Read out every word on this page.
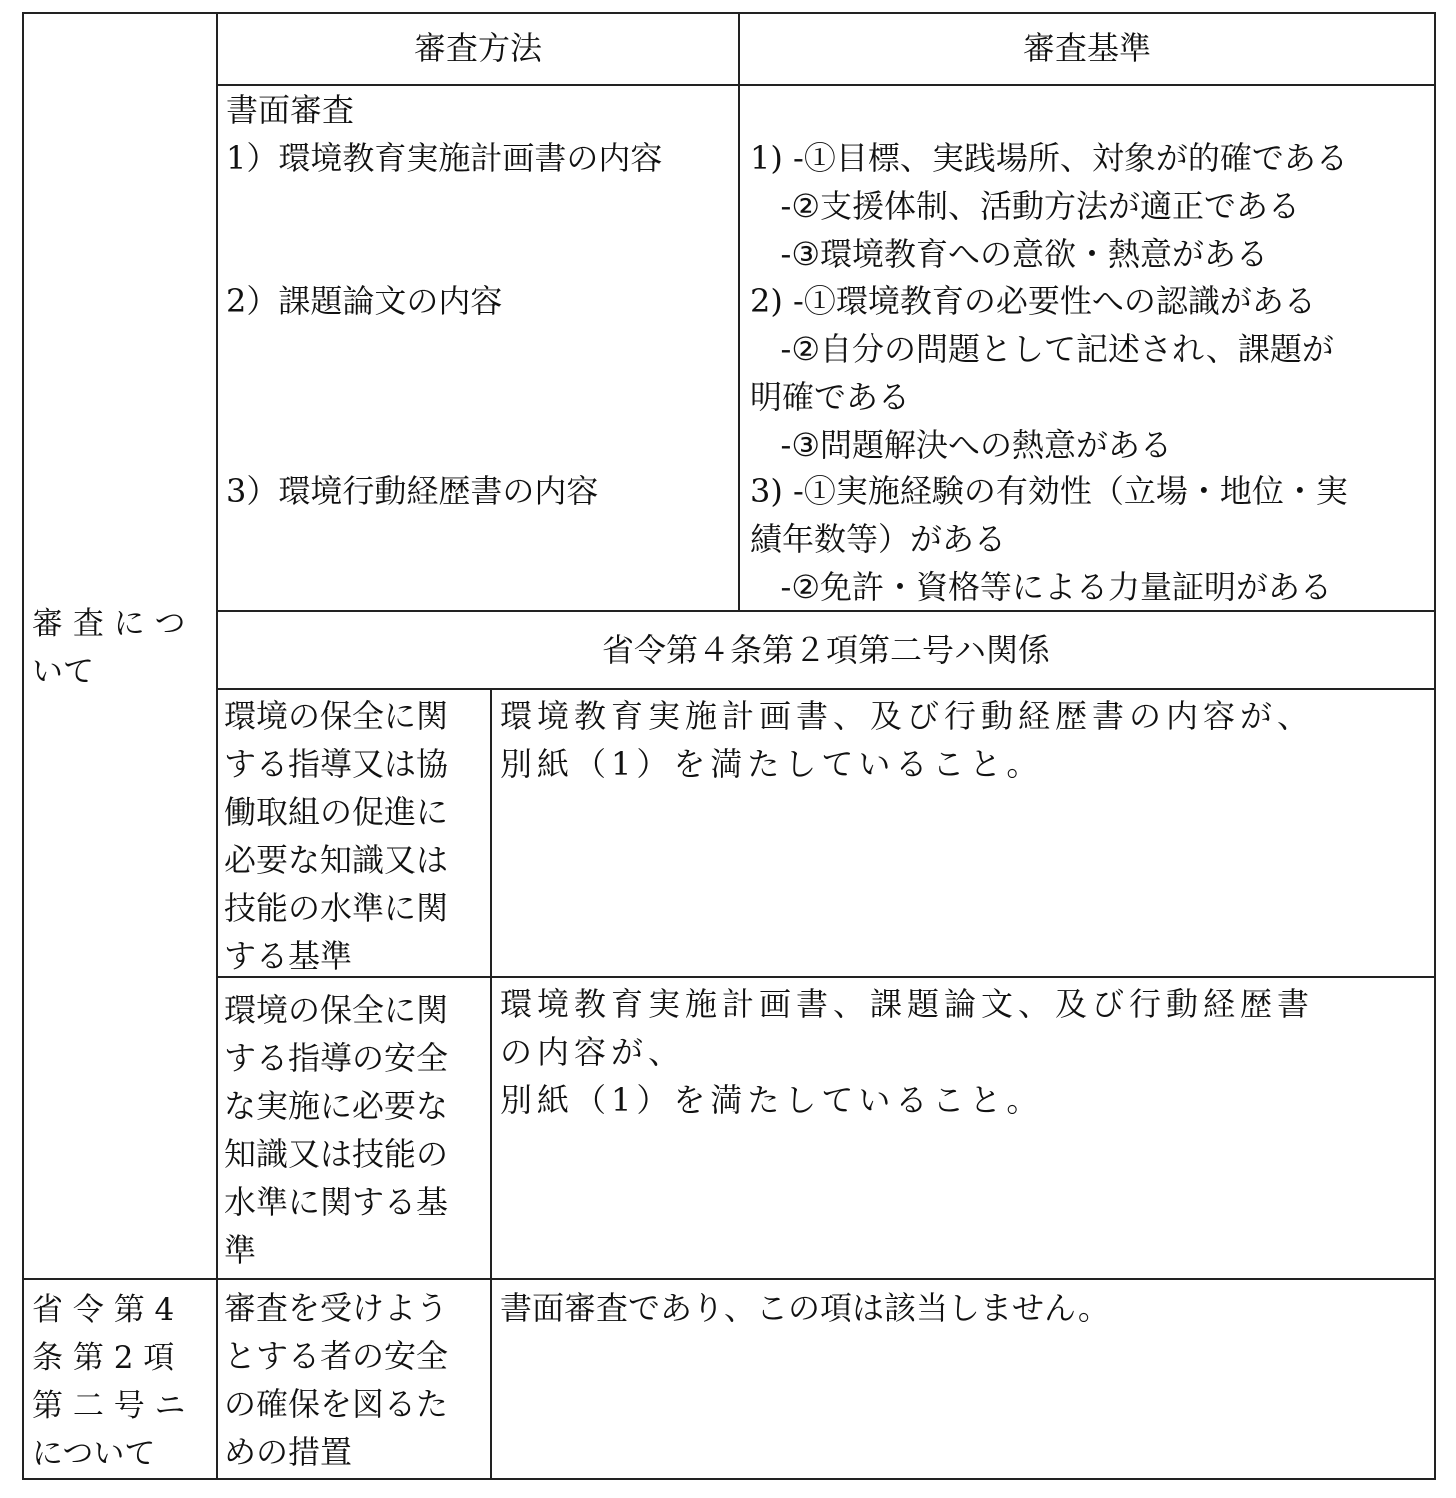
審 査 に つ
いて
省 令 第 4
条 第 2 項
第 二 号 ニ
について
審査方法	審査基準
書面審査
1）環境教育実施計画書の内容
2）課題論文の内容
3）環境行動経歴書の内容
1) -①目標、実践場所、対象が的確である
-②支援体制、活動方法が適正である
-③環境教育への意欲・熱意がある
2) -①環境教育の必要性への認識がある
-②自分の問題として記述され、課題が
明確である
-③問題解決への熱意がある
3) -①実施経験の有効性（立場・地位・実
績年数等）がある
-②免許・資格等による力量証明がある
省令第４条第２項第二号ハ関係
環境の保全に関
する指導又は協
働取組の促進に
必要な知識又は
技能の水準に関
する基準
環境教育実施計画書、及び行動経歴書の内容が、
別紙（1）を満たしていること。
環境の保全に関
する指導の安全
な実施に必要な
知識又は技能の
水準に関する基
準
環境教育実施計画書、課題論文、及び行動経歴書
の内容が、
別紙（1）を満たしていること。
審査を受けよう
とする者の安全
の確保を図るた
めの措置
書面審査であり、この項は該当しません。
